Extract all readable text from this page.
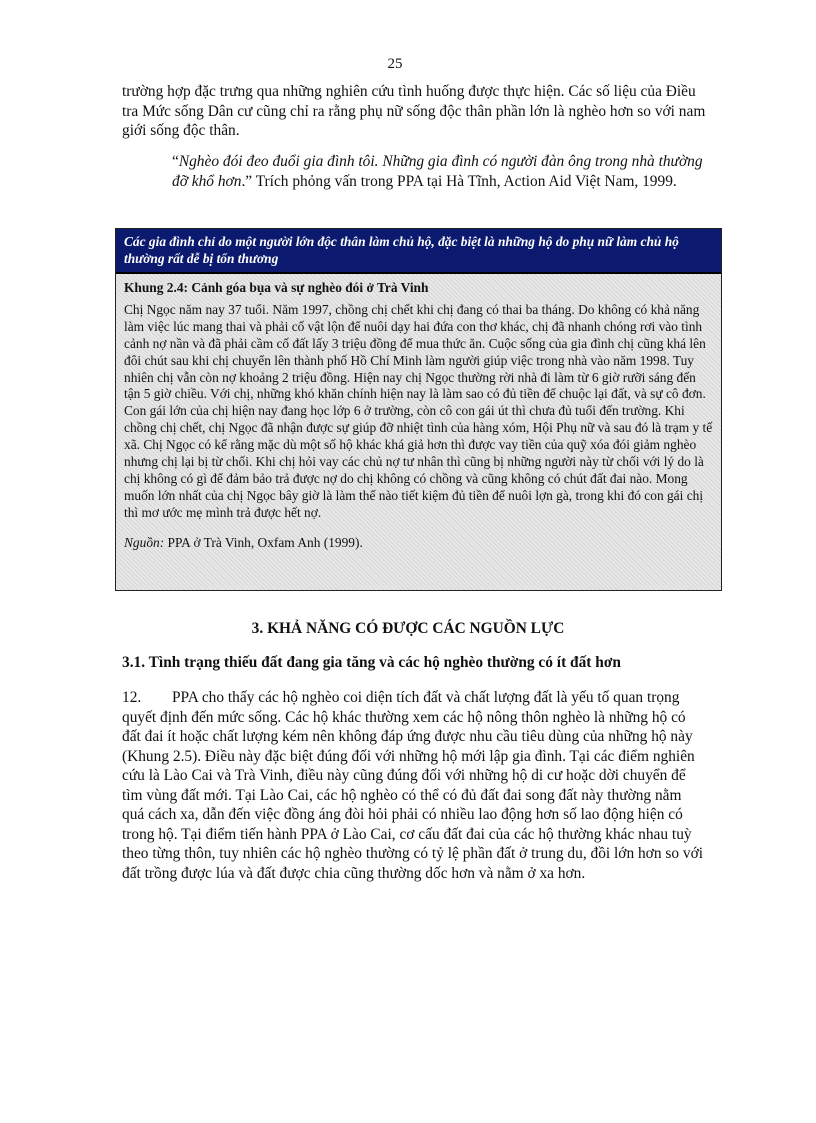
25

trường hợp đặc trưng qua những nghiên cứu tình huống được thực hiện. Các số liệu của Điều tra Mức sống Dân cư cũng chỉ ra rằng phụ nữ sống độc thân phần lớn là nghèo hơn so với nam giới sống độc thân.

“Nghèo đói đeo đuổi gia đình tôi. Những gia đình có người đàn ông trong nhà thường đỡ khổ hơn.” Trích phỏng vấn trong PPA tại Hà Tĩnh, Action Aid Việt Nam, 1999.

Các gia đình chỉ do một người lớn độc thân làm chủ hộ, đặc biệt là những hộ do phụ nữ làm chủ hộ thường rất dễ bị tổn thương

Khung 2.4: Cảnh góa bụa và sự nghèo đói ở Trà Vinh

Chị Ngọc năm nay 37 tuổi. Năm 1997, chồng chị chết khi chị đang có thai ba tháng. Do không có khả năng làm việc lúc mang thai và phải cố vật lộn để nuôi dạy hai đứa con thơ khác, chị đã nhanh chóng rơi vào tình cảnh nợ nần và đã phải cầm cố đất lấy 3 triệu đồng để mua thức ăn. Cuộc sống của gia đình chị cũng khá lên đôi chút sau khi chị chuyển lên thành phố Hồ Chí Minh làm người giúp việc trong nhà vào năm 1998. Tuy nhiên chị vẫn còn nợ khoảng 2 triệu đồng. Hiện nay chị Ngọc thường rời nhà đi làm từ 6 giờ rưỡi sáng đến tận 5 giờ chiều. Với chị, những khó khăn chính hiện nay là làm sao có đủ tiền để chuộc lại đất, và sự cô đơn. Con gái lớn của chị hiện nay đang học lớp 6 ở trường, còn cô con gái út thì chưa đủ tuổi đến trường. Khi chồng chị chết, chị Ngọc đã nhận được sự giúp đỡ nhiệt tình của hàng xóm, Hội Phụ nữ và sau đó là trạm y tế xã. Chị Ngọc có kể rằng mặc dù một số hộ khác khá giả hơn thì được vay tiền của quỹ xóa đói giảm nghèo nhưng chị lại bị từ chối. Khi chị hỏi vay các chủ nợ tư nhân thì cũng bị những người này từ chối với lý do là chị không có gì để đảm bảo trả được nợ do chị không có chồng và cũng không có chút đất đai nào. Mong muốn lớn nhất của chị Ngọc bây giờ là làm thế nào tiết kiệm đủ tiền để nuôi lợn gà, trong khi đó con gái chị thì mơ ước mẹ mình trả được hết nợ.

Nguồn: PPA ở Trà Vinh, Oxfam Anh (1999).

3. KHẢ NĂNG CÓ ĐƯỢC CÁC NGUỒN LỰC
3.1. Tình trạng thiếu đất đang gia tăng và các hộ nghèo thường có ít đất hơn

12. PPA cho thấy các hộ nghèo coi diện tích đất và chất lượng đất là yếu tố quan trọng quyết định đến mức sống. Các hộ khác thường xem các hộ nông thôn nghèo là những hộ có đất đai ít hoặc chất lượng kém nên không đáp ứng được nhu cầu tiêu dùng của những hộ này (Khung 2.5). Điều này đặc biệt đúng đối với những hộ mới lập gia đình. Tại các điểm nghiên cứu là Lào Cai và Trà Vinh, điều này cũng đúng đối với những hộ di cư hoặc dời chuyển để tìm vùng đất mới. Tại Lào Cai, các hộ nghèo có thể có đủ đất đai song đất này thường nằm quá cách xa, dẫn đến việc đồng áng đòi hỏi phải có nhiều lao động hơn số lao động hiện có trong hộ. Tại điểm tiến hành PPA ở Lào Cai, cơ cấu đất đai của các hộ thường khác nhau tuỳ theo từng thôn, tuy nhiên các hộ nghèo thường có tỷ lệ phần đất ở trung du, đồi lớn hơn so với đất trồng được lúa và đất được chia cũng thường dốc hơn và nằm ở xa hơn.
